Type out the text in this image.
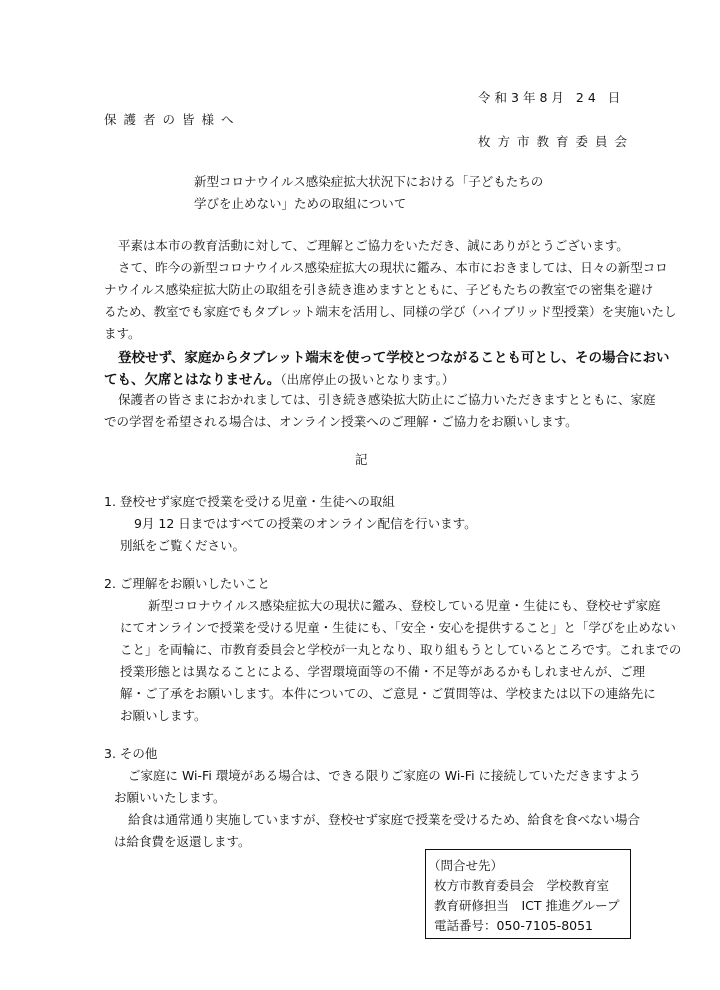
令和3年8月 24 日
保護者の皆様へ
枚方市教育委員会
新型コロナウイルス感染症拡大状況下における「子どもたちの
学びを止めない」ための取組について
平素は本市の教育活動に対して、ご理解とご協力をいただき、誠にありがとうございます。
さて、昨今の新型コロナウイルス感染症拡大の現状に鑑み、本市におきましては、日々の新型コロ
ナウイルス感染症拡大防止の取組を引き続き進めますとともに、子どもたちの教室での密集を避け
るため、教室でも家庭でもタブレット端末を活用し、同様の学び（ハイブリッド型授業）を実施いたし
ます。
登校せず、家庭からタブレット端末を使って学校とつながることも可とし、その場合におい
ても、欠席とはなりません。（出席停止の扱いとなります。）
保護者の皆さまにおかれましては、引き続き感染拡大防止にご協力いただきますとともに、家庭
での学習を希望される場合は、オンライン授業へのご理解・ご協力をお願いします。
記
1. 登校せず家庭で授業を受ける児童・生徒への取組
9月 12 日まではすべての授業のオンライン配信を行います。
別紙をご覧ください。
2. ご理解をお願いしたいこと
新型コロナウイルス感染症拡大の現状に鑑み、登校している児童・生徒にも、登校せず家庭
にてオンラインで授業を受ける児童・生徒にも、「安全・安心を提供すること」と「学びを止めない
こと」を両輪に、市教育委員会と学校が一丸となり、取り組もうとしているところです。これまでの
授業形態とは異なることによる、学習環境面等の不備・不足等があるかもしれませんが、ご理
解・ご了承をお願いします。本件についての、ご意見・ご質問等は、学校または以下の連絡先に
お願いします。
3. その他
ご家庭に Wi-Fi 環境がある場合は、できる限りご家庭の Wi-Fi に接続していただきますよう
お願いいたします。
給食は通常通り実施していますが、登校せず家庭で授業を受けるため、給食を食べない場合
は給食費を返還します。
（問合せ先）
枚方市教育委員会　学校教育室
教育研修担当　ICT 推進グループ
電話番号：050-7105-8051
